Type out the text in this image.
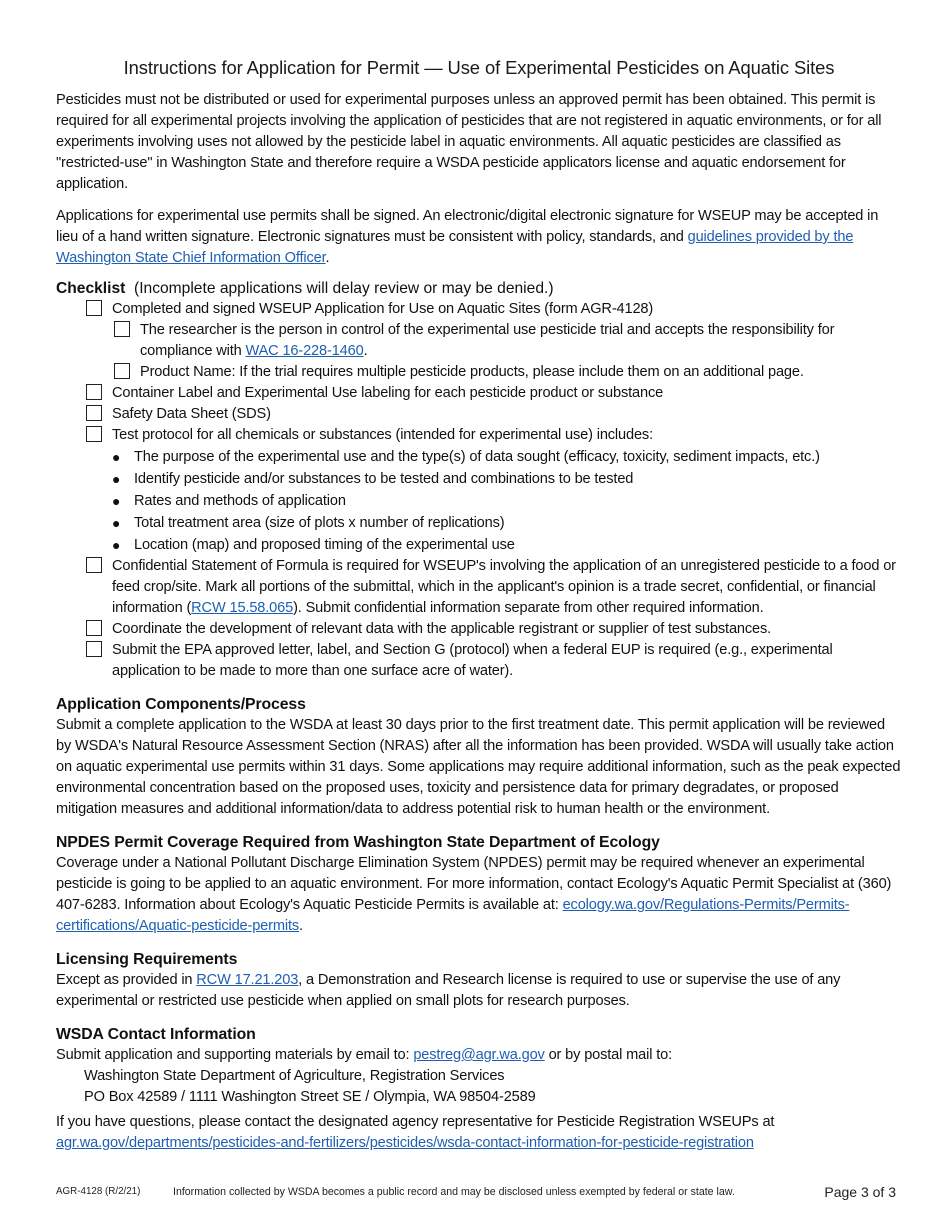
Instructions for Application for Permit — Use of Experimental Pesticides on Aquatic Sites

Pesticides must not be distributed or used for experimental purposes unless an approved permit has been obtained. This permit is required for all experimental projects involving the application of pesticides that are not registered in aquatic environments, or for all experiments involving uses not allowed by the pesticide label in aquatic environments. All aquatic pesticides are classified as "restricted-use" in Washington State and therefore require a WSDA pesticide applicators license and aquatic endorsement for application.

Applications for experimental use permits shall be signed. An electronic/digital electronic signature for WSEUP may be accepted in lieu of a hand written signature. Electronic signatures must be consistent with policy, standards, and guidelines provided by the Washington State Chief Information Officer.

Checklist (Incomplete applications will delay review or may be denied.)
Completed and signed WSEUP Application for Use on Aquatic Sites (form AGR-4128)
The researcher is the person in control of the experimental use pesticide trial and accepts the responsibility for compliance with WAC 16-228-1460.
Product Name: If the trial requires multiple pesticide products, please include them on an additional page.
Container Label and Experimental Use labeling for each pesticide product or substance
Safety Data Sheet (SDS)
Test protocol for all chemicals or substances (intended for experimental use) includes:
● The purpose of the experimental use and the type(s) of data sought (efficacy, toxicity, sediment impacts, etc.)
● Identify pesticide and/or substances to be tested and combinations to be tested
● Rates and methods of application
● Total treatment area (size of plots x number of replications)
● Location (map) and proposed timing of the experimental use
Confidential Statement of Formula is required for WSEUP's involving the application of an unregistered pesticide to a food or feed crop/site. Mark all portions of the submittal, which in the applicant's opinion is a trade secret, confidential, or financial information (RCW 15.58.065). Submit confidential information separate from other required information.
Coordinate the development of relevant data with the applicable registrant or supplier of test substances.
Submit the EPA approved letter, label, and Section G (protocol) when a federal EUP is required (e.g., experimental application to be made to more than one surface acre of water).
Application Components/Process

Submit a complete application to the WSDA at least 30 days prior to the first treatment date. This permit application will be reviewed by WSDA's Natural Resource Assessment Section (NRAS) after all the information has been provided. WSDA will usually take action on aquatic experimental use permits within 31 days. Some applications may require additional information, such as the peak expected environmental concentration based on the proposed uses, toxicity and persistence data for primary degradates, or proposed mitigation measures and additional information/data to address potential risk to human health or the environment.

NPDES Permit Coverage Required from Washington State Department of Ecology

Coverage under a National Pollutant Discharge Elimination System (NPDES) permit may be required whenever an experimental pesticide is going to be applied to an aquatic environment. For more information, contact Ecology's Aquatic Permit Specialist at (360) 407-6283. Information about Ecology's Aquatic Pesticide Permits is available at: ecology.wa.gov/Regulations-Permits/Permits-certifications/Aquatic-pesticide-permits.

Licensing Requirements

Except as provided in RCW 17.21.203, a Demonstration and Research license is required to use or supervise the use of any experimental or restricted use pesticide when applied on small plots for research purposes.

WSDA Contact Information

Submit application and supporting materials by email to: pestreg@agr.wa.gov or by postal mail to:

Washington State Department of Agriculture, Registration Services

PO Box 42589 / 1111 Washington Street SE / Olympia, WA 98504-2589

If you have questions, please contact the designated agency representative for Pesticide Registration WSEUPs at

agr.wa.gov/departments/pesticides-and-fertilizers/pesticides/wsda-contact-information-for-pesticide-registration

AGR-4128 (R/2/21)	Information collected by WSDA becomes a public record and may be disclosed unless exempted by federal or state law.	Page 3 of 3
